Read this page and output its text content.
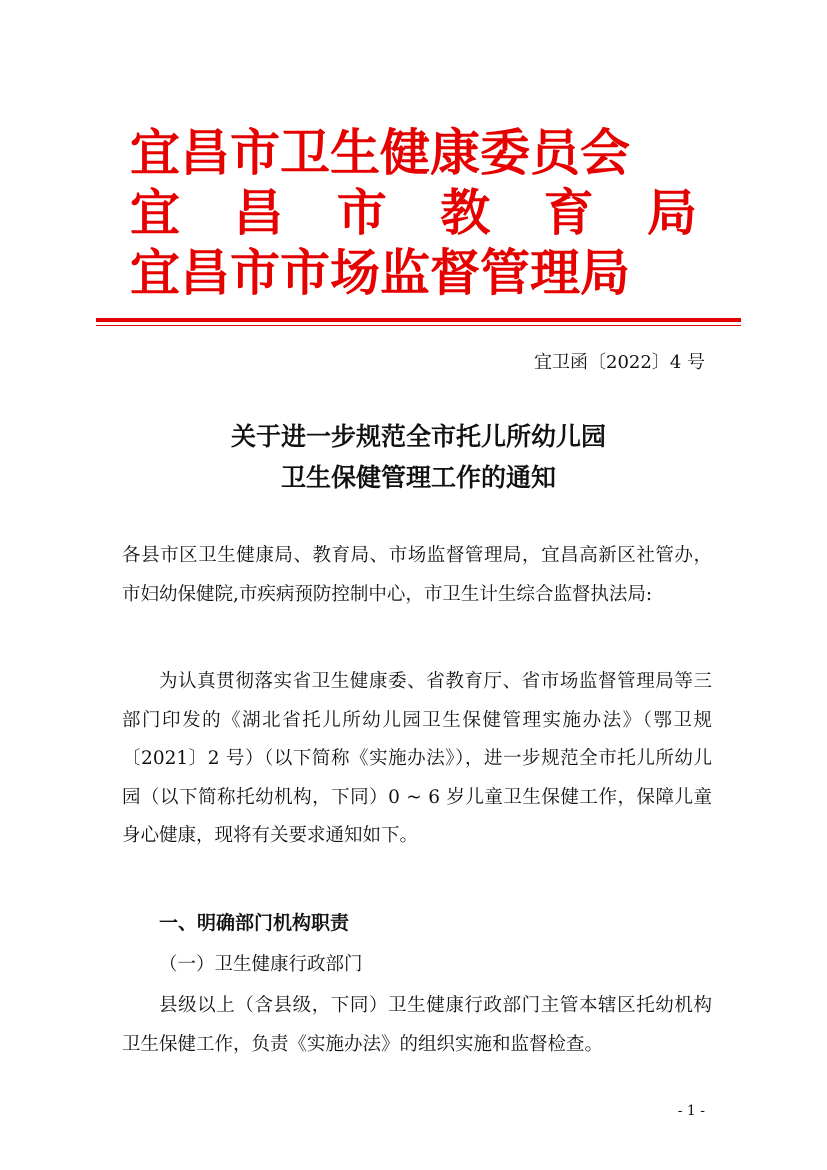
宜昌市卫生健康委员会
宜昌市教育局
宜昌市市场监督管理局
宜卫函〔2022〕4 号
关于进一步规范全市托儿所幼儿园
卫生保健管理工作的通知
各县市区卫生健康局、教育局、市场监督管理局，宜昌高新区社管办，市妇幼保健院,市疾病预防控制中心，市卫生计生综合监督执法局:
为认真贯彻落实省卫生健康委、省教育厅、省市场监督管理局等三部门印发的《湖北省托儿所幼儿园卫生保健管理实施办法》（鄂卫规〔2021〕2 号）（以下简称《实施办法》），进一步规范全市托儿所幼儿园（以下简称托幼机构，下同）0 ~ 6 岁儿童卫生保健工作，保障儿童身心健康，现将有关要求通知如下。
一、明确部门机构职责
（一）卫生健康行政部门
县级以上（含县级，下同）卫生健康行政部门主管本辖区托幼机构卫生保健工作，负责《实施办法》的组织实施和监督检查。
- 1 -
